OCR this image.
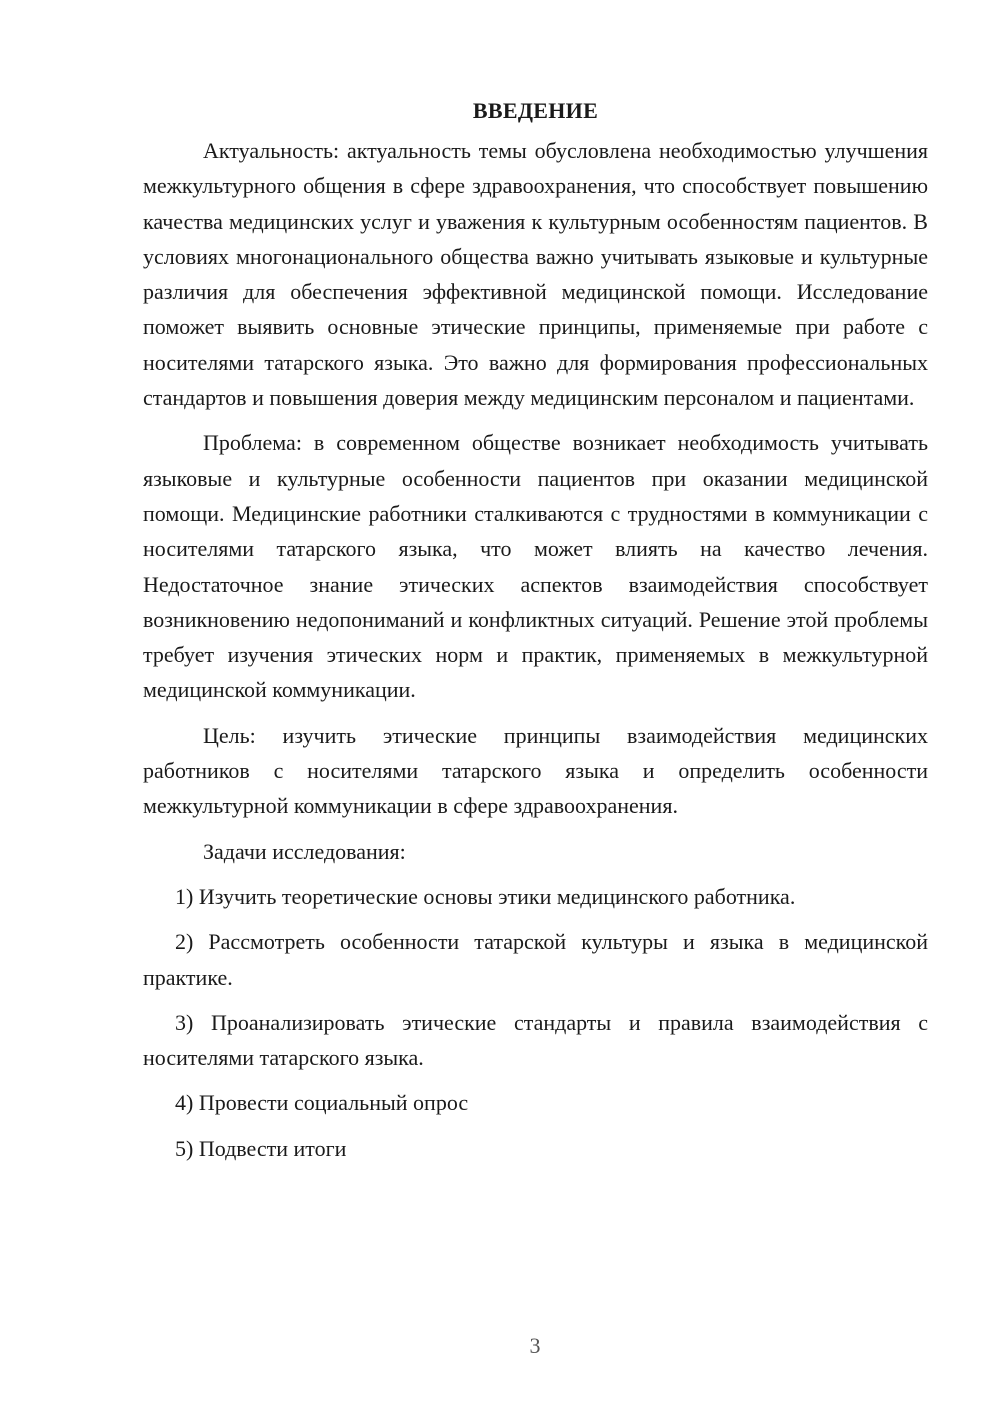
ВВЕДЕНИЕ

Актуальность: актуальность темы обусловлена необходимостью улучшения межкультурного общения в сфере здравоохранения, что способствует повышению качества медицинских услуг и уважения к культурным особенностям пациентов. В условиях многонационального общества важно учитывать языковые и культурные различия для обеспечения эффективной медицинской помощи. Исследование поможет выявить основные этические принципы, применяемые при работе с носителями татарского языка. Это важно для формирования профессиональных стандартов и повышения доверия между медицинским персоналом и пациентами.

Проблема: в современном обществе возникает необходимость учитывать языковые и культурные особенности пациентов при оказании медицинской помощи. Медицинские работники сталкиваются с трудностями в коммуникации с носителями татарского языка, что может влиять на качество лечения. Недостаточное знание этических аспектов взаимодействия способствует возникновению недопониманий и конфликтных ситуаций. Решение этой проблемы требует изучения этических норм и практик, применяемых в межкультурной медицинской коммуникации.

Цель: изучить этические принципы взаимодействия медицинских работников с носителями татарского языка и определить особенности межкультурной коммуникации в сфере здравоохранения.

Задачи исследования:

1) Изучить теоретические основы этики медицинского работника.

2) Рассмотреть особенности татарской культуры и языка в медицинской практике.

3) Проанализировать этические стандарты и правила взаимодействия с носителями татарского языка.

4) Провести социальный опрос

5) Подвести итоги

3
